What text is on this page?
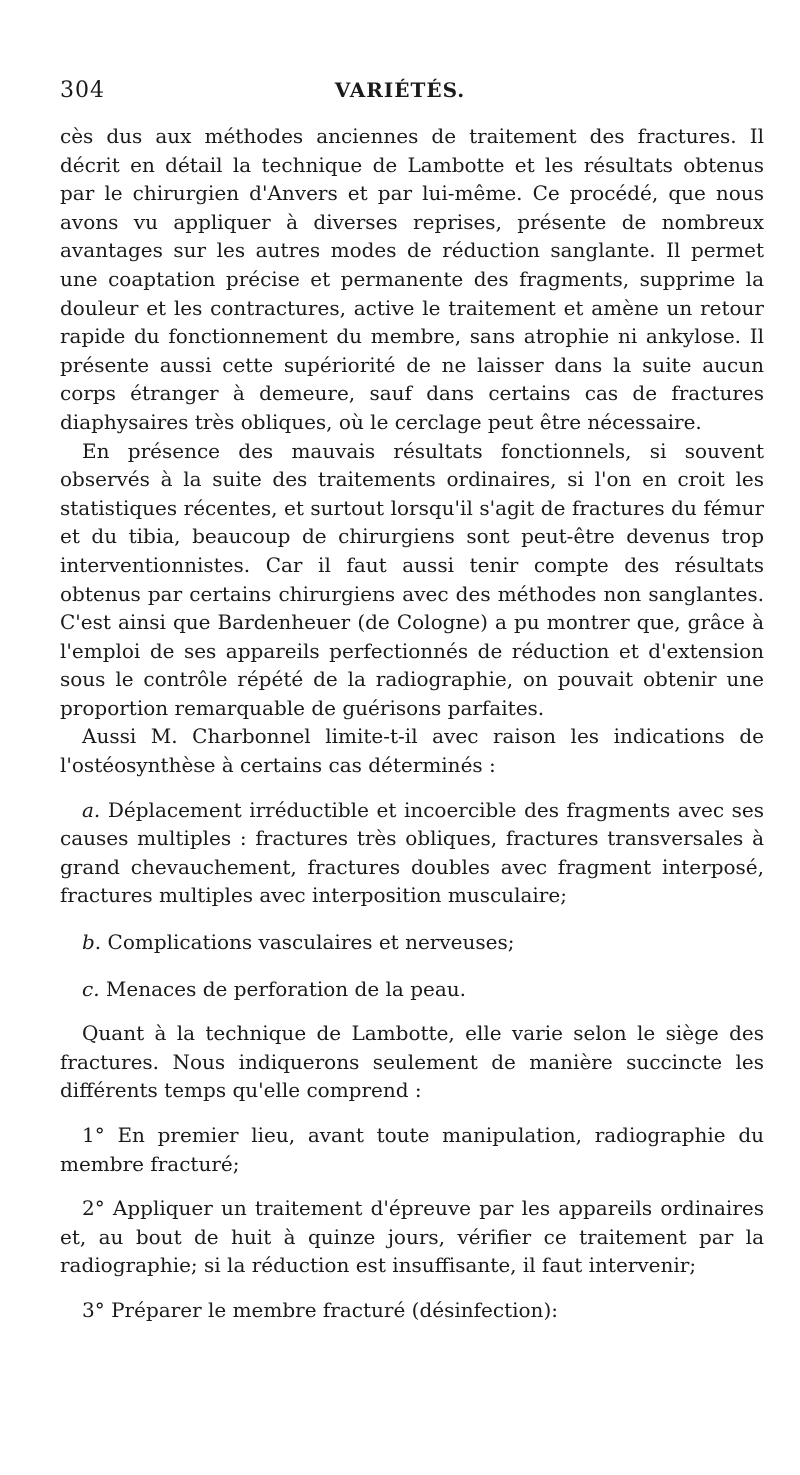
304	VARIÉTÉS.

cès dus aux méthodes anciennes de traitement des fractures. Il décrit en détail la technique de Lambotte et les résultats obtenus par le chirurgien d'Anvers et par lui-même. Ce procédé, que nous avons vu appliquer à diverses reprises, présente de nombreux avantages sur les autres modes de réduction sanglante. Il permet une coaptation précise et permanente des fragments, supprime la douleur et les contractures, active le traitement et amène un retour rapide du fonctionnement du membre, sans atrophie ni ankylose. Il présente aussi cette supériorité de ne laisser dans la suite aucun corps étranger à demeure, sauf dans certains cas de fractures diaphysaires très obliques, où le cerclage peut être nécessaire.

En présence des mauvais résultats fonctionnels, si souvent observés à la suite des traitements ordinaires, si l'on en croit les statistiques récentes, et surtout lorsqu'il s'agit de fractures du fémur et du tibia, beaucoup de chirurgiens sont peut-être devenus trop interventionnistes. Car il faut aussi tenir compte des résultats obtenus par certains chirurgiens avec des méthodes non sanglantes. C'est ainsi que Bardenheuer (de Cologne) a pu montrer que, grâce à l'emploi de ses appareils perfectionnés de réduction et d'extension sous le contrôle répété de la radiographie, on pouvait obtenir une proportion remarquable de guérisons parfaites.

Aussi M. Charbonnel limite-t-il avec raison les indications de l'ostéosynthèse à certains cas déterminés :

a. Déplacement irréductible et incoercible des fragments avec ses causes multiples : fractures très obliques, fractures transversales à grand chevauchement, fractures doubles avec fragment interposé, fractures multiples avec interposition musculaire;

b. Complications vasculaires et nerveuses;

c. Menaces de perforation de la peau.

Quant à la technique de Lambotte, elle varie selon le siège des fractures. Nous indiquerons seulement de manière succincte les différents temps qu'elle comprend :

1° En premier lieu, avant toute manipulation, radiographie du membre fracturé;

2° Appliquer un traitement d'épreuve par les appareils ordinaires et, au bout de huit à quinze jours, vérifier ce traitement par la radiographie; si la réduction est insuffisante, il faut intervenir;

3° Préparer le membre fracturé (désinfection):
